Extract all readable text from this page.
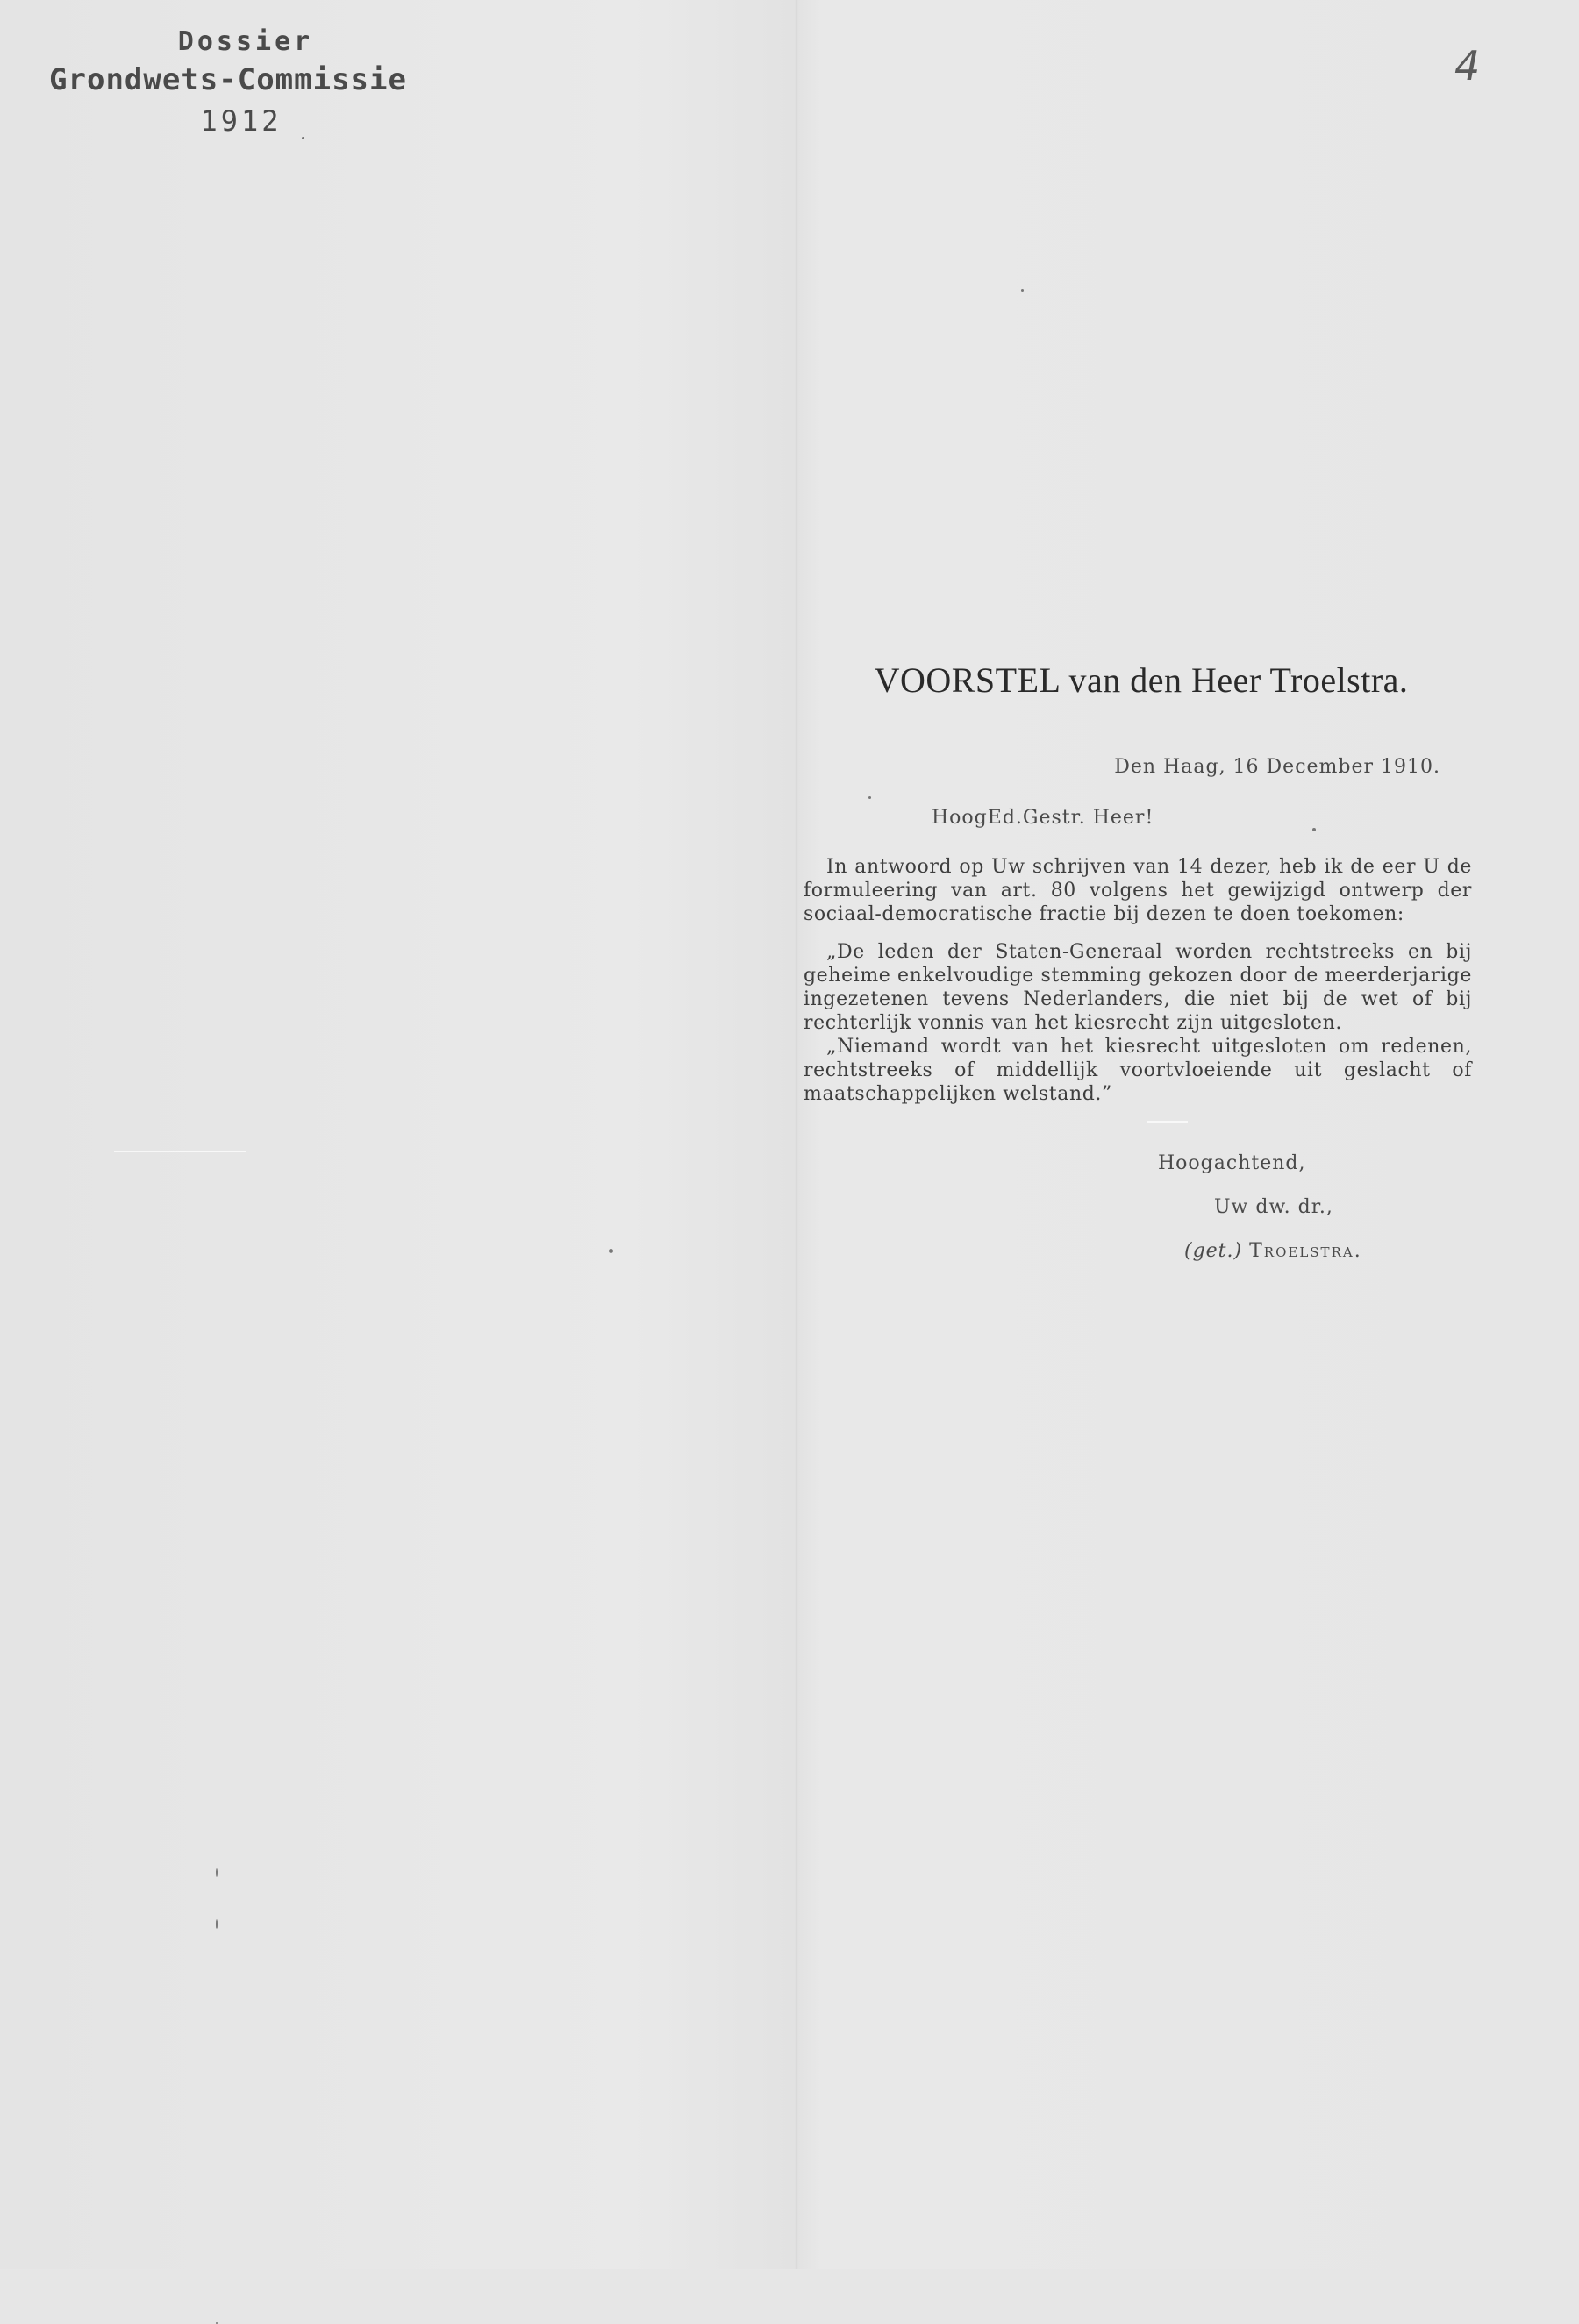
Dossier
Grondwets-Commissie
1912
4
VOORSTEL van den Heer Troelstra.
Den Haag, 16 December 1910.
HoogEd.Gestr. Heer!

In antwoord op Uw schrijven van 14 dezer, heb ik de eer U de formuleering van art. 80 volgens het gewijzigd ontwerp der sociaal-democratische fractie bij dezen te doen toekomen:

„De leden der Staten-Generaal worden rechtstreeks en bij geheime enkelvoudige stemming gekozen door de meerderjarige ingezetenen tevens Nederlanders, die niet bij de wet of bij rechterlijk vonnis van het kiesrecht zijn uitgesloten.

„Niemand wordt van het kiesrecht uitgesloten om redenen, rechtstreeks of middellijk voortvloeiende uit geslacht of maatschappelijken welstand.”

Hoogachtend,
Uw dw. dr.,
(get.) Troelstra.
